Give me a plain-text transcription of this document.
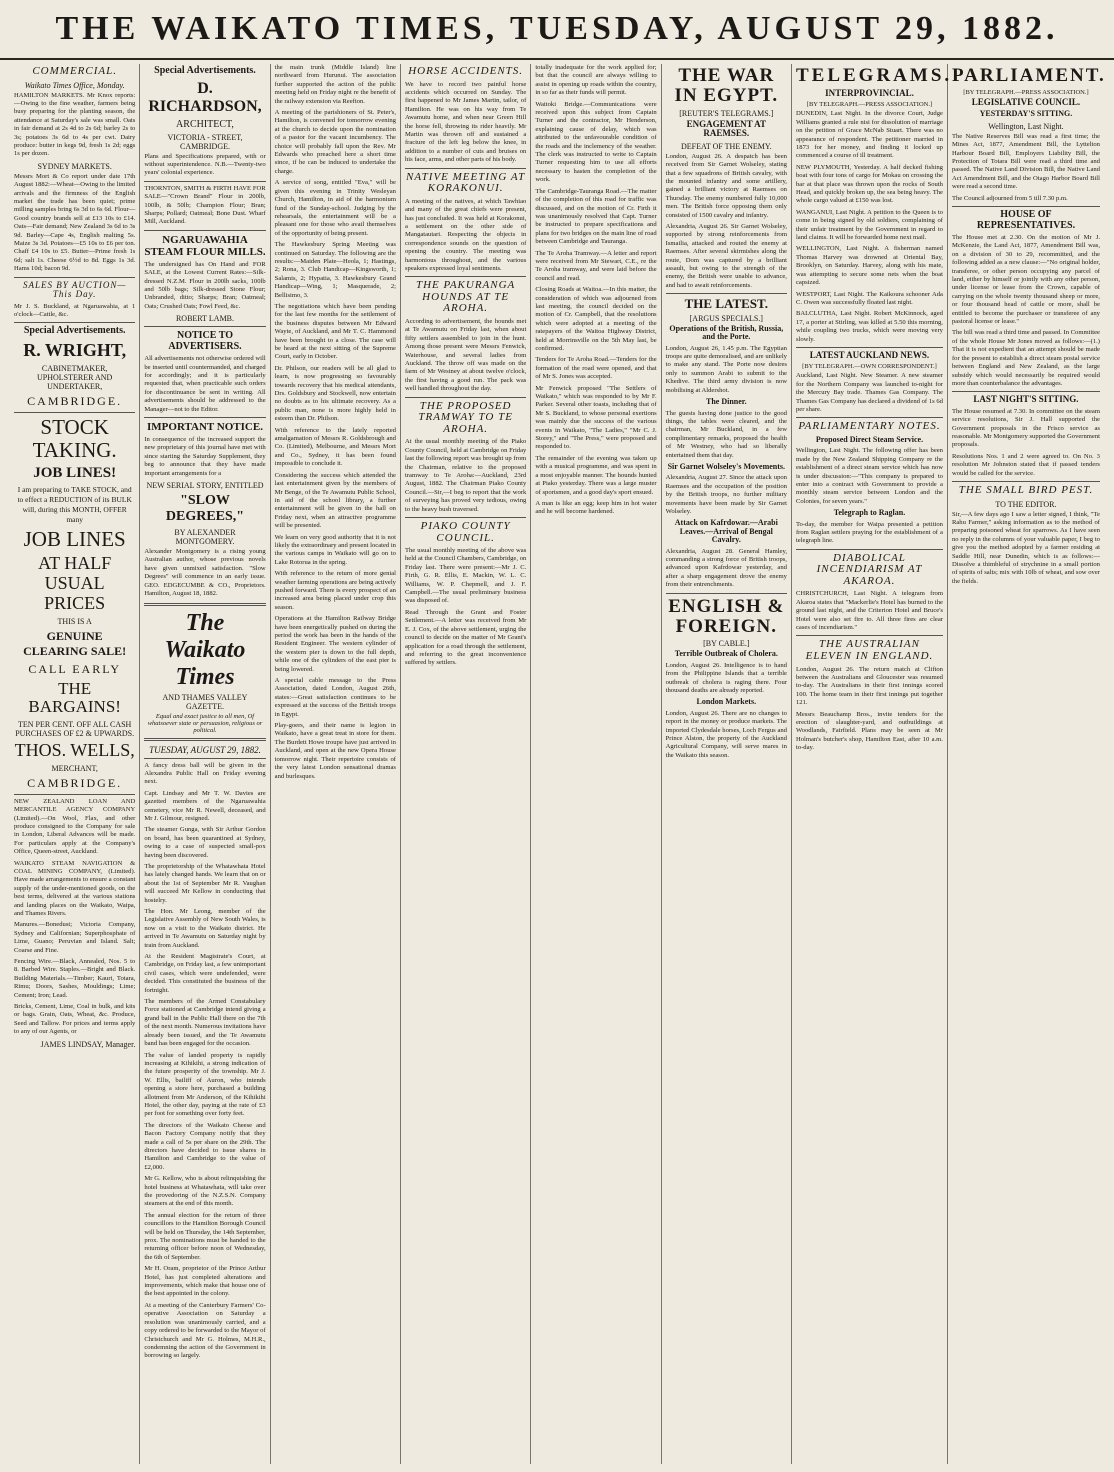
THE WAIKATO TIMES, TUESDAY, AUGUST 29, 1882.
COMMERCIAL.
Waikato Times Office, Monday.

HAMILTON MARKETS. Mr Knox reports:—Owing to the fine weather, farmers being busy preparing for the planting season, the attendance at Saturday's sale was small. Oats in fair demand at 2s 4d to 2s 6d; barley 2s to 3s; potatoes 3s 6d to 4s per cwt. Dairy produce: butter in kegs 9d, fresh 1s 2d; eggs 1s per dozen.

SYDNEY MARKETS.

Messrs Mort & Co report under date 17th August 1882:—Wheat—Owing to the limited arrivals and the firmness of the English market the trade has been quiet; prime milling samples bring 6s 3d to 6s 6d. Flour—Good country brands sell at £13 10s to £14. Oats—Fair demand; New Zealand 3s 6d to 3s 9d. Barley—Cape 4s, English malting 5s. Maize 3s 3d. Potatoes—£5 10s to £6 per ton. Chaff £4 10s to £5. Butter—Prime fresh 1s 6d; salt 1s. Cheese 6½d to 8d. Eggs 1s 3d. Hams 10d; bacon 9d.

SALES BY AUCTION—This Day.

Mr J. S. Buckland, at Ngaruawahia, at 1 o'clock—Cattle, &c.

Special Advertisements.
R. WRIGHT,
CABINETMAKER, UPHOLSTERER AND UNDERTAKER,
CAMBRIDGE.
STOCK TAKING.
JOB LINES!

I am preparing to TAKE STOCK, and to effect a REDUCTION of its BULK will, during this MONTH, OFFER many

JOB LINES
AT HALF USUAL PRICES
THIS IS A
GENUINE CLEARING SALE!
CALL EARLY
THE BARGAINS!
TEN PER CENT. OFF ALL CASH PURCHASES OF £2 & UPWARDS.
THOS. WELLS,
MERCHANT,
CAMBRIDGE.

NEW ZEALAND LOAN AND MERCANTILE AGENCY COMPANY (Limited).—On Wool, Flax, and other produce consigned to the Company for sale in London, Liberal Advances will be made. For particulars apply at the Company's Office, Queen-street, Auckland.

WAIKATO STEAM NAVIGATION & COAL MINING COMPANY, (Limited). Have made arrangements to ensure a constant supply of the under-mentioned goods, on the best terms, delivered at the various stations and landing places on the Waikato, Waipa, and Thames Rivers.

Manures.—Bonedust; Victoria Company, Sydney and Californian; Superphosphate of Lime, Guano; Peruvian and Island. Salt; Coarse and Fine.

Fencing Wire.—Black, Annealed, Nos. 5 to 8. Barbed Wire. Staples.—Bright and Black. Building Materials.—Timber; Kauri, Totara, Rimu; Doors, Sashes, Mouldings; Lime; Cement; Iron; Lead.

Bricks, Cement, Lime, Coal in bulk, and kits or bags. Grain, Oats, Wheat, &c. Produce, Seed and Tallow. For prices and terms apply to any of our Agents, or

JAMES LINDSAY, Manager.
Special Advertisements.
D. RICHARDSON,
ARCHITECT,
VICTORIA - STREET, CAMBRIDGE.

Plans and Specifications prepared, with or without superintendence. N.B.—Twenty-two years' colonial experience.

THORNTON, SMITH & FIRTH HAVE FOR SALE—"Crown Brand" Flour in 200lb, 100lb, & 50lb; Champion Flour; Bran; Sharps; Pollard; Oatmeal; Bone Dust. Wharf Mill, Auckland.

NGARUAWAHIA STEAM FLOUR MILLS.

The undersigned has On Hand and FOR SALE, at the Lowest Current Rates:—Silk-dressed N.Z.M. Flour in 200lb sacks, 100lb and 50lb bags; Silk-dressed Stone Flour; Unbranded, ditto; Sharps; Bran; Oatmeal; Oats; Crushed Oats; Fowl Feed, &c.

ROBERT LAMB.
NOTICE TO ADVERTISERS.

All advertisements not otherwise ordered will be inserted until countermanded, and charged for accordingly; and it is particularly requested that, when practicable such orders for discontinuance be sent in writing. All advertisements should be addressed to the Manager—not to the Editor.

IMPORTANT NOTICE.

In consequence of the increased support the new proprietary of this journal have met with since starting the Saturday Supplement, they beg to announce that they have made important arrangements for a

NEW SERIAL STORY, ENTITLED
"SLOW DEGREES,"
BY ALEXANDER MONTGOMERY.

Alexander Montgomery is a rising young Australian author, whose previous novels have given unmixed satisfaction. "Slow Degrees" will commence in an early issue. GEO. EDGECUMBE & CO., Proprietors. Hamilton, August 18, 1882.

The Waikato Times
AND THAMES VALLEY GAZETTE.
Equal and exact justice to all men, Of whatsoever state or persuasion, religious or political.
TUESDAY, AUGUST 29, 1882.

A fancy dress ball will be given in the Alexandra Public Hall on Friday evening next.

Capt. Lindsay and Mr T. W. Davies are gazetted members of the Ngaruawahia cemetery, vice Mr R. Newell, deceased, and Mr J. Gilmour, resigned.

The steamer Gunga, with Sir Arthur Gordon on board, has been quarantined at Sydney, owing to a case of suspected small-pox having been discovered.

The proprietorship of the Whatawhata Hotel has lately changed hands. We learn that on or about the 1st of September Mr R. Vaughan will succeed Mr Kellow in conducting that hostelry.

The Hon. Mr Leong, member of the Legislative Assembly of New South Wales, is now on a visit to the Waikato district. He arrived in Te Awamutu on Saturday night by train from Auckland.

At the Resident Magistrate's Court, at Cambridge, on Friday last, a few unimportant civil cases, which were undefended, were decided. This constituted the business of the fortnight.

The members of the Armed Constabulary Force stationed at Cambridge intend giving a grand ball in the Public Hall there on the 7th of the next month. Numerous invitations have already been issued, and the Te Awamutu band has been engaged for the occasion.

The value of landed property is rapidly increasing at Kihikihi, a strong indication of the future prosperity of the township. Mr J. W. Ellis, bailiff of Auron, who intends opening a store here, purchased a building allotment from Mr Anderson, of the Kihikihi Hotel, the other day, paying at the rate of £3 per foot for something over forty feet.

The directors of the Waikato Cheese and Bacon Factory Company notify that they made a call of 5s per share on the 29th. The directors have decided to issue shares in Hamilton and Cambridge to the value of £2,000.

Mr G. Kellow, who is about relinquishing the hotel business at Whatawhata, will take over the provedoring of the N.Z.S.N. Company steamers at the end of this month.

The annual election for the return of three councillors to the Hamilton Borough Council will be held on Thursday, the 14th September, prox. The nominations must be handed to the returning officer before noon of Wednesday, the 6th of September.

Mr H. Oram, proprietor of the Prince Arthur Hotel, has just completed alterations and improvements, which make that house one of the best appointed in the colony.

At a meeting of the Canterbury Farmers' Co-operative Association on Saturday a resolution was unanimously carried, and a copy ordered to be forwarded to the Mayor of Christchurch and Mr G. Holmes, M.H.R., condemning the action of the Government in borrowing so largely.

the main trunk (Middle Island) line northward from Hurunui. The association further supported the action of the public meeting held on Friday night re the benefit of the railway extension via Reefton.

A meeting of the parishioners of St. Peter's, Hamilton, is convened for tomorrow evening at the church to decide upon the nomination of a pastor for the vacant incumbency. The choice will probably fall upon the Rev. Mr Edwards who preached here a short time since, if he can be induced to undertake the charge.

A service of song, entitled "Eva," will be given this evening in Trinity Wesleyan Church, Hamilton, in aid of the harmonium fund of the Sunday-school. Judging by the rehearsals, the entertainment will be a pleasant one for those who avail themselves of the opportunity of being present.

The Hawkesbury Spring Meeting was continued on Saturday. The following are the results:—Maiden Plate—Heola, 1; Hastings, 2; Rona, 3. Club Handicap—Kingsworth, 1; Salamis, 2; Hypatia, 3. Hawkesbury Grand Handicap—Wing, 1; Masquerade, 2; Bellisimo, 3.

The negotiations which have been pending for the last few months for the settlement of the business disputes between Mr Edward Wayte, of Auckland, and Mr T. C. Hammond have been brought to a close. The case will be heard at the next sitting of the Supreme Court, early in October.

Dr. Philson, our readers will be all glad to learn, is now progressing so favourably towards recovery that his medical attendants, Drs. Goldsbury and Stockwell, now entertain no doubts as to his ultimate recovery. As a public man, none is more highly held in esteem than Dr. Philson.

With reference to the lately reported amalgamation of Messrs R. Goldsbrough and Co. (Limited), Melbourne, and Messrs Mort and Co., Sydney, it has been found impossible to conclude it.

Considering the success which attended the last entertainment given by the members of Mr Benge, of the Te Awamutu Public School, in aid of the school library, a further entertainment will be given in the hall on Friday next, when an attractive programme will be presented.

We learn on very good authority that it is not likely the extraordinary and present located in the various camps in Waikato will go on to Lake Rotorua in the spring.

With reference to the return of more genial weather farming operations are being actively pushed forward. There is every prospect of an increased area being placed under crop this season.

Operations at the Hamilton Railway Bridge have been energetically pushed on during the period the work has been in the hands of the Resident Engineer. The western cylinder of the western pier is down to the full depth, while one of the cylinders of the east pier is being lowered.

A special cable message to the Press Association, dated London, August 26th, states:—Great satisfaction continues to be expressed at the success of the British troops in Egypt.

Play-goers, and their name is legion in Waikato, have a great treat in store for them. The Burdett Howe troupe have just arrived in Auckland, and open at the new Opera House tomorrow night. Their repertoire consists of the very latest London sensational dramas and burlesques.

HORSE ACCIDENTS.

We have to record two painful horse accidents which occurred on Sunday. The first happened to Mr James Martin, tailor, of Hamilton. He was on his way from Te Awamutu home, and when near Green Hill the horse fell, throwing its rider heavily. Mr Martin was thrown off and sustained a fracture of the left leg below the knee, in addition to a number of cuts and bruises on his face, arms, and other parts of his body.

NATIVE MEETING AT KORAKONUI.

A meeting of the natives, at which Tawhiao and many of the great chiefs were present, has just concluded. It was held at Korakonui, a settlement on the other side of Mangatautari. Respecting the objects in correspondence sounds on the question of opening the country. The meeting was harmonious throughout, and the various speakers expressed loyal sentiments.

THE PAKURANGA HOUNDS AT TE AROHA.

According to advertisement, the hounds met at Te Awamutu on Friday last, when about fifty settlers assembled to join in the hunt. Among those present were Messrs Fenwick, Waterhouse, and several ladies from Auckland. The throw off was made on the farm of Mr Westney at about twelve o'clock, the first having a good run. The pack was well handled throughout the day.

THE PROPOSED TRAMWAY TO TE AROHA.

At the usual monthly meeting of the Piako County Council, held at Cambridge on Friday last the following report was brought up from the Chairman, relative to the proposed tramway to Te Aroha:—Auckland, 23rd August, 1882. The Chairman Piako County Council.—Sir,—I beg to report that the work of surveying has proved very tedious, owing to the heavy bush traversed.

PIAKO COUNTY COUNCIL.

The usual monthly meeting of the above was held at the Council Chambers, Cambridge, on Friday last. There were present:—Mr J. C. Firth, G. R. Ellis, E. Mackin, W. L. C. Williams, W. P. Chepmell, and J. F. Campbell.—The usual preliminary business was disposed of.

Read Through the Grant and Foster Settlement.—A letter was received from Mr E. J. Cox, of the above settlement, urging the council to decide on the matter of Mr Grant's application for a road through the settlement, and referring to the great inconvenience suffered by settlers.

totally inadequate for the work applied for; but that the council are always willing to assist in opening up roads within the country, in so far as their funds will permit.

Waitoki Bridge.—Communications were received upon this subject from Captain Turner and the contractor, Mr Henderson, explaining cause of delay, which was attributed to the unfavourable condition of the roads and the inclemency of the weather. The clerk was instructed to write to Captain Turner requesting him to use all efforts necessary to hasten the completion of the work.

The Cambridge-Tauranga Road.—The matter of the completion of this road for traffic was discussed, and on the motion of Cr. Firth it was unanimously resolved that Capt. Turner be instructed to prepare specifications and plans for two bridges on the main line of road between Cambridge and Tauranga.

The Te Aroha Tramway.—A letter and report were received from Mr Stewart, C.E., re the Te Aroha tramway, and were laid before the council and read.

Closing Roads at Waitoa.—In this matter, the consideration of which was adjourned from last meeting, the council decided on the motion of Cr. Campbell, that the resolutions which were adopted at a meeting of the ratepayers of the Waitoa Highway District, held at Morrinsville on the 5th May last, be confirmed.

Tenders for Te Aroha Road.—Tenders for the formation of the road were opened, and that of Mr S. Jones was accepted.

Mr Fenwick proposed "The Settlers of Waikato," which was responded to by Mr F. Parker. Several other toasts, including that of Mr S. Buckland, to whose personal exertions was mainly due the success of the various events in Waikato, "The Ladies," "Mr C. J. Storey," and "The Press," were proposed and responded to.

The remainder of the evening was taken up with a musical programme, and was spent in a most enjoyable manner. The hounds hunted at Piako yesterday. There was a large muster of sportsmen, and a good day's sport ensued.

A man is like an egg; keep him in hot water and he will become hardened.

THE WAR IN EGYPT.
[REUTER'S TELEGRAMS.]
ENGAGEMENT AT RAEMSES.
DEFEAT OF THE ENEMY.

London, August 26. A despatch has been received from Sir Garnet Wolseley, stating that a few squadrons of British cavalry, with the mounted infantry and some artillery, gained a brilliant victory at Raemses on Thursday. The enemy numbered fully 10,000 men. The British force opposing them only consisted of 1500 cavalry and infantry.

Alexandria, August 26. Sir Garnet Wolseley, supported by strong reinforcements from Ismailia, attacked and routed the enemy at Raemses. After several skirmishes along the route, Dom was captured by a brilliant assault, but owing to the strength of the enemy, the British were unable to advance, and had to await reinforcements.

THE LATEST.
[ARGUS SPECIALS.]
Operations of the British, Russia, and the Porte.

London, August 26, 1.45 p.m. The Egyptian troops are quite demoralised, and are unlikely to make any stand. The Porte now desires only to summon Arabi to submit to the Khedive. The third army division is now mobilising at Aldershot.

The Dinner.

The guests having done justice to the good things, the tables were cleared, and the chairman, Mr Buckland, in a few complimentary remarks, proposed the health of Mr Westney, who had so liberally entertained them that day.

Sir Garnet Wolseley's Movements.

Alexandria, August 27. Since the attack upon Raemses and the occupation of the position by the British troops, no further military movements have been made by Sir Garnet Wolseley.

Attack on Kafrdowar.—Arabi Leaves.—Arrival of Bengal Cavalry.

Alexandria, August 28. General Hamley, commanding a strong force of British troops, advanced upon Kafrdowar yesterday, and after a sharp engagement drove the enemy from their entrenchments.

ENGLISH & FOREIGN.
[BY CABLE.]
Terrible Outbreak of Cholera.

London, August 26. Intelligence is to hand from the Philippine Islands that a terrible outbreak of cholera is raging there. Four thousand deaths are already reported.

London Markets.

London, August 26. There are no changes to report in the money or produce markets. The imported Clydesdale horses, Loch Fergus and Prince Alston, the property of the Auckland Agricultural Company, will serve mares in the Waikato this season.

TELEGRAMS.
INTERPROVINCIAL.
[BY TELEGRAPH.—PRESS ASSOCIATION.]

DUNEDIN, Last Night. In the divorce Court, Judge Williams granted a rule nisi for dissolution of marriage on the petition of Grace McNab Stuart. There was no appearance of respondent. The petitioner married in 1873 for her money, and finding it locked up commenced a course of ill treatment.

NEW PLYMOUTH, Yesterday. A half decked fishing boat with four tons of cargo for Mokau on crossing the bar at that place was thrown upon the rocks of South Head, and quickly broken up, the sea being heavy. The whole cargo valued at £150 was lost.

WANGANUI, Last Night. A petition to the Queen is to come in being signed by old soldiers, complaining of their unfair treatment by the Government in regard to land claims. It will be forwarded home next mail.

WELLINGTON, Last Night. A fisherman named Thomas Harvey was drowned at Oriental Bay, Brooklyn, on Saturday. Harvey, along with his mate, was attempting to secure some nets when the boat capsized.

WESTPORT, Last Night. The Kaikoura schooner Ada C. Owen was successfully floated last night.

BALCLUTHA, Last Night. Robert McKinnock, aged 17, a porter at Stirling, was killed at 5.50 this morning, while coupling two trucks, which were moving very slowly.

LATEST AUCKLAND NEWS.
[BY TELEGRAPH.—OWN CORRESPONDENT.]

Auckland, Last Night. New Steamer. A new steamer for the Northern Company was launched to-night for the Mercury Bay trade. Thames Gas Company. The Thames Gas Company has declared a dividend of 1s 6d per share.

PARLIAMENTARY NOTES.
Proposed Direct Steam Service.

Wellington, Last Night. The following offer has been made by the New Zealand Shipping Company re the establishment of a direct steam service which has now is under discussion:—"This company is prepared to enter into a contract with Government to provide a monthly steam service between London and the Colonies, for seven years."

Telegraph to Raglan.

To-day, the member for Waipa presented a petition from Raglan settlers praying for the establishment of a telegraph line.

DIABOLICAL INCENDIARISM AT AKAROA.

CHRISTCHURCH, Last Night. A telegram from Akaroa states that "Mackerlie's Hotel has burned to the ground last night, and the Criterion Hotel and Bruce's Hotel were also set fire to. All three fires are clear cases of incendiarism."

THE AUSTRALIAN ELEVEN IN ENGLAND.

London, August 26. The return match at Clifton between the Australians and Gloucester was resumed to-day. The Australians in their first innings scored 100. The home team in their first innings put together 121.

Messrs Beauchamp Bros., invite tenders for the erection of slaughter-yard, and outbuildings at Woodlands, Fairfield. Plans may be seen at Mr Holman's butcher's shop, Hamilton East, after 10 a.m. to-day.

PARLIAMENT.
[BY TELEGRAPH.—PRESS ASSOCIATION.]
LEGISLATIVE COUNCIL.
YESTERDAY'S SITTING.
Wellington, Last Night.

The Native Reserves Bill was read a first time; the Mines Act, 1877, Amendment Bill, the Lyttelton Harbour Board Bill, Employers Liability Bill, the Protection of Totara Bill were read a third time and passed. The Native Land Division Bill, the Native Land Act Amendment Bill, and the Otago Harbor Board Bill were read a second time.

The Council adjourned from 5 till 7.30 p.m.

HOUSE OF REPRESENTATIVES.

The House met at 2.30. On the motion of Mr J. McKenzie, the Land Act, 1877, Amendment Bill was, on a division of 30 to 29, recommitted, and the following added as a new clause:—"No original holder, transferee, or other person occupying any parcel of land, either by himself or jointly with any other person, under license or lease from the Crown, capable of carrying on the whole twenty thousand sheep or more, or four thousand head of cattle or more, shall be entitled to become the purchaser or transferee of any pastoral license or lease."

The bill was read a third time and passed. In Committee of the whole House Mr Jones moved as follows:—(1.) That it is not expedient that an attempt should be made for the present to establish a direct steam postal service between England and New Zealand, as the large subsidy which would necessarily be required would more than counterbalance the advantages.

LAST NIGHT'S SITTING.

The House resumed at 7.30. In committee on the steam service resolutions, Sir J. Hall supported the Government proposals in the Frisco service as reasonable. Mr Montgomery supported the Government proposals.

Resolutions Nos. 1 and 2 were agreed to. On No. 3 resolution Mr Johnston stated that if passed tenders would be called for the service.

THE SMALL BIRD PEST.
TO THE EDITOR.

Sir,—A few days ago I saw a letter signed, I think, "Te Rahu Farmer," asking information as to the method of preparing poisoned wheat for sparrows. As I have seen no reply in the columns of your valuable paper, I beg to give you the method adopted by a farmer residing at Saddle Hill, near Dunedin, which is as follows:—Dissolve a thimbleful of strychnine in a small portion of spirits of salts; mix with 10lb of wheat, and sow over the fields.
